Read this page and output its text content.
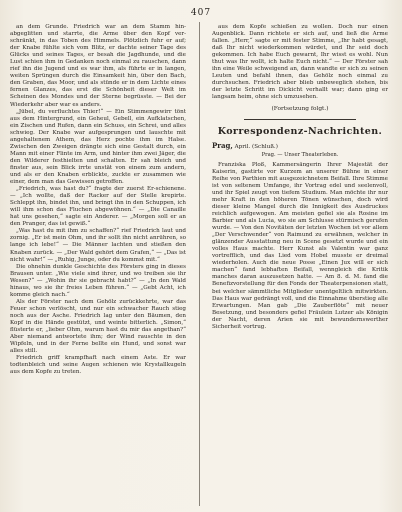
407

an dem Grunde. Friedrich war an dem Stamm hin-abgeglitten und starrte, die Arme über den Kopf ver-schränkt, in das Toben des Himmels. Plötzlich fuhr er auf; der Knabe fühlte sich vom Blitz, er dachte seiner Tage des Glücks und seines Tages, er besah die Jagdhunde, und die Lust schien ihm in Gedanken noch einmal zu rauschen, dann rief ihn die Jugend und es war ihm, als führte er in langen, weiten Sprüngen durch die Einsamkeit hin, über den Bach, den Graben, das Moor, und als stünde er in dem Lichte eines fernen Glanzes, das erst die Schönheit dieser Welt im Scheinen des Mondes und der Sterne begrüsste. — Bei der Wiederkehr aber war es anders.

„Jübel, du verfluchtes Thier!“ — Ein Stimmengewirr tönt aus dem Hintergrund, ein Geheul, Gebell, ein Aufklatschen, ein Zischen und Rufen, dann ein Schuss, ein Schrei, und alles schwieg. Der Knabe war aufgesprungen und lauschte mit angehaltenem Athem, das Herz pochte ihm im Halse. Zwischen den Zweigen drängte sich eine Gestalt durch, ein Mann mit einer Flinte im Arm, und hinter ihm zwei Jäger, die den Wilderer festhielten und schalten. Er sah bleich und finster aus, sein Blick irrte unstät von einem zum andern, und als er den Knaben erblickte, zuckte er zusammen wie einer, dem man das Gewissen getroffen.

„Friedrich, was hast du?“ fragte der zuerst Er-schienene. — „Ich wollte, daß der Racker auf der Stelle krepirte. Schleppt ihn, bindet ihn, und bringt ihn in den Schuppen, ich will ihm schon das Fluchen abgewöhnen.“ — „Die Canaille hat uns gesehen,“ sagte ein Anderer. — „Morgen soll er an den Pranger, das ist gewiß.“

„Was hast du mit ihm zu schaffen?“ rief Friedrich laut und zornig. „Er ist mein Ohm, und ihr sollt ihn nicht anrühren, so lange ich lebe!“ — Die Männer lachten und stießen den Knaben zurück. — „Der Wald gehört dem Grafen,“ — „Das ist nicht wahr!“ — „Ruhig, Junge, oder du kommst mit.“

Die ohnehin dunkle Geschichte des Försters ging in dieses Brausen unter. „Wie viele sind ihrer, und wo treiben sie ihr Wesen?“ — „Wohin ihr sie gebracht habt?“ — „In den Wald hinaus, wo sie ihr freies Leben führen.“ — „Gebt Acht, ich komme gleich nach.“

Als der Förster nach dem Gehölz zurückkehrte, war das Feuer schon verlöscht, und nur ein schwacher Rauch stieg noch aus der Asche. Friedrich lag unter den Bäumen, den Kopf in die Hände gestützt, und weinte bitterlich. „Simon,“ flüsterte er, „lieber Ohm, warum hast du mir das angethan?“ Aber niemand antwortete ihm; der Wind rauschte in den Wipfeln, und in der Ferne bellte ein Hund, und sonst war alles still.

Friedrich griff krampfhaft nach einem Aste. Er war todtenbleich und seine Augen schienen wie Krystallkugeln aus dem Kopfe zu treten.

aus dem Kopfe schießen zu wollen. Doch nur einen Augenblick. Dann richtete er sich auf, und ließ die Arme fallen. „Herr,“ sagte er mit fester Stimme, „Ihr habt gesagt, daß Ihr nicht wiederkommen würdet, und Ihr seid doch gekommen. Ich habe Euch gewarnt, Ihr wisst es wohl. Nun thut was Ihr wollt, ich halte Euch nicht.“ — Der Förster sah ihn eine Weile schweigend an, dann wandte er sich zu seinen Leuten und befahl ihnen, das Gehölz noch einmal zu durchsuchen. Friedrich aber blieb unbeweglich stehen, bis der letzte Schritt im Dickicht verhallt war; dann ging er langsam heim, ohne sich umzusehen.

(Fortsetzung folgt.)

Korrespondenz-Nachrichten.

Prag, April. (Schluß.)

Prag. — Unser Theaterleben.

Franziska Ploß, Kammersängerin Ihrer Majestät der Kaiserin, gastirte vor Kurzem an unserer Bühne in einer Reihe von Parthien mit ausgezeichnetem Beifall. Ihre Stimme ist von seltenem Umfange, ihr Vortrag edel und seelenvoll, und ihr Spiel zeugt von tiefem Studium. Man möchte ihr nur mehr Kraft in den höheren Tönen wünschen, doch wird dieser kleine Mangel durch die Innigkeit des Ausdruckes reichlich aufgewogen. Am meisten gefiel sie als Rosine im Barbier und als Lucia, wo sie am Schlusse stürmisch gerufen wurde. — Von den Novitäten der letzten Wochen ist vor allem „Der Verschwender“ von Raimund zu erwähnen, welcher in glänzender Ausstattung neu in Scene gesetzt wurde und ein volles Haus machte. Herr Kunst als Valentin war ganz vortrefflich, und das Lied vom Hobel musste er dreimal wiederholen. Auch die neue Posse „Einen Jux will er sich machen“ fand lebhaften Beifall, wenngleich die Kritik manches daran auszusetzen hatte. — Am 8. d. M. fand die Benefizvorstellung für den Fonds der Theaterpensionen statt, bei welcher sämmtliche Mitglieder unentgeltlich mitwirkten. Das Haus war gedrängt voll, und die Einnahme überstieg alle Erwartungen. Man gab „Die Zauberflöte“ mit neuer Besetzung, und besonders gefiel Fräulein Lutzer als Königin der Nacht, deren Arien sie mit bewundernswerther Sicherheit vortrug.
